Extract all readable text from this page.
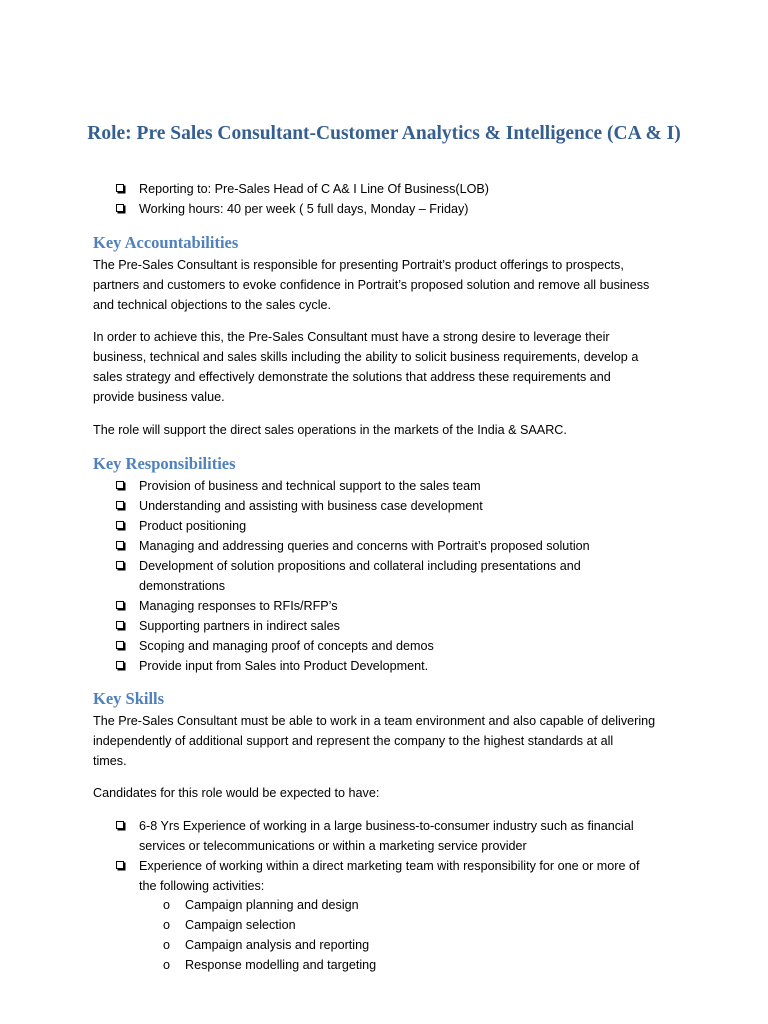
Role: Pre Sales Consultant-Customer Analytics & Intelligence (CA & I)
Reporting to: Pre-Sales Head of C A& I Line Of Business(LOB)
Working hours: 40 per week ( 5 full days, Monday – Friday)
Key Accountabilities

The Pre-Sales Consultant is responsible for presenting Portrait’s product offerings to prospects,
partners and customers to evoke confidence in Portrait’s proposed solution and remove all business
and technical objections to the sales cycle.

In order to achieve this, the Pre-Sales Consultant must have a strong desire to leverage their
business, technical and sales skills including the ability to solicit business requirements, develop a
sales strategy and effectively demonstrate the solutions that address these requirements and
provide business value.

The role will support the direct sales operations in the markets of the India & SAARC.

Key Responsibilities
Provision of business and technical support to the sales team
Understanding and assisting with business case development
Product positioning
Managing and addressing queries and concerns with Portrait’s proposed solution
Development of solution propositions and collateral including presentations and
demonstrations
Managing responses to RFIs/RFP’s
Supporting partners in indirect sales
Scoping and managing proof of concepts and demos
Provide input from Sales into Product Development.
Key Skills

The Pre-Sales Consultant must be able to work in a team environment and also capable of delivering
independently of additional support and represent the company to the highest standards at all
times.

Candidates for this role would be expected to have:

6-8 Yrs Experience of working in a large business-to-consumer industry such as financial
services or telecommunications or within a marketing service provider
Experience of working within a direct marketing team with responsibility for one or more of
the following activities:
o Campaign planning and design
o Campaign selection
o Campaign analysis and reporting
o Response modelling and targeting
